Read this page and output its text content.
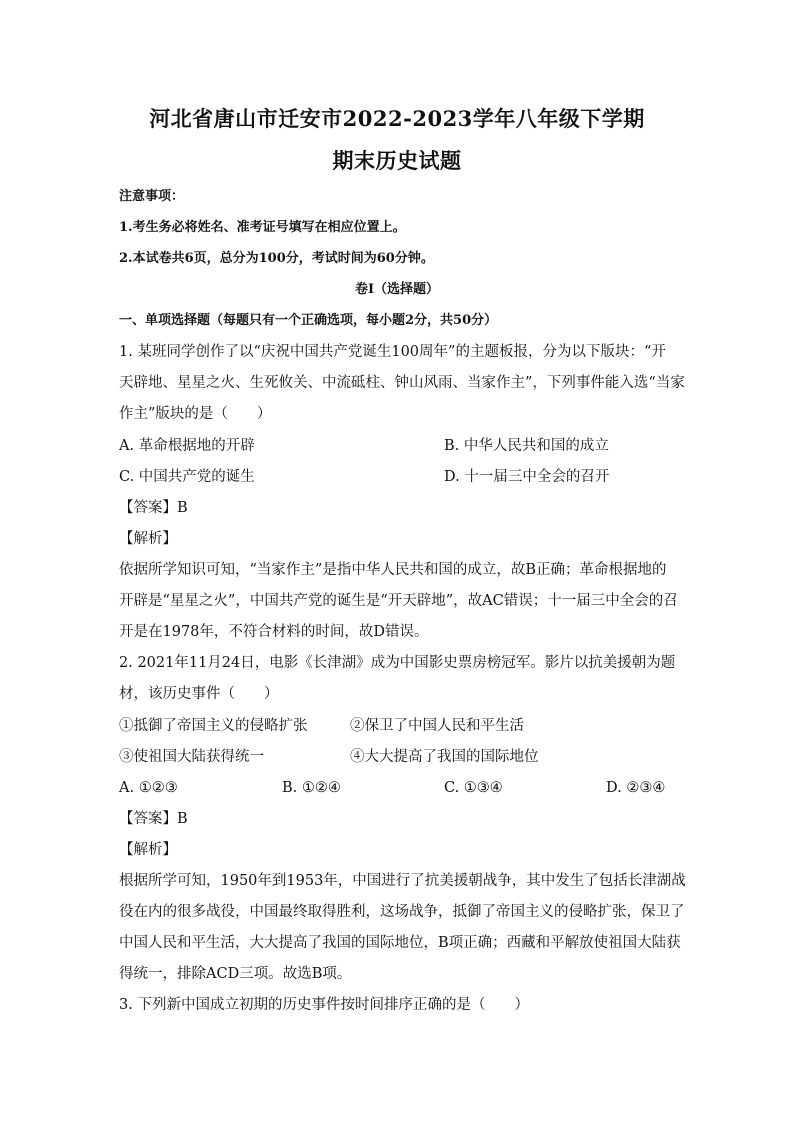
河北省唐山市迁安市2022-2023学年八年级下学期
期末历史试题
注意事项：
1.考生务必将姓名、准考证号填写在相应位置上。
2.本试卷共6页，总分为100分，考试时间为60分钟。
卷Ⅰ（选择题）
一、单项选择题（每题只有一个正确选项，每小题2分，共50分）
1. 某班同学创作了以“庆祝中国共产党诞生100周年”的主题板报，分为以下版块：“开
天辟地、星星之火、生死攸关、中流砥柱、钟山风雨、当家作主”，下列事件能入选“当家
作主”版块的是（　　）
A. 革命根据地的开辟	B. 中华人民共和国的成立
C. 中国共产党的诞生	D. 十一届三中全会的召开
【答案】B
【解析】
依据所学知识可知，“当家作主”是指中华人民共和国的成立，故B正确；革命根据地的
开辟是“星星之火”，中国共产党的诞生是“开天辟地”，故AC错误；十一届三中全会的召
开是在1978年，不符合材料的时间，故D错误。
2. 2021年11月24日，电影《长津湖》成为中国影史票房榜冠军。影片以抗美援朝为题
材，该历史事件（　　）
①抵御了帝国主义的侵略扩张	②保卫了中国人民和平生活
③使祖国大陆获得统一	④大大提高了我国的国际地位
A. ①②③	B. ①②④	C. ①③④	D. ②③④
【答案】B
【解析】
根据所学可知，1950年到1953年，中国进行了抗美援朝战争，其中发生了包括长津湖战
役在内的很多战役，中国最终取得胜利，这场战争，抵御了帝国主义的侵略扩张，保卫了
中国人民和平生活，大大提高了我国的国际地位，B项正确；西藏和平解放使祖国大陆获
得统一，排除ACD三项。故选B项。
3. 下列新中国成立初期的历史事件按时间排序正确的是（　　）
